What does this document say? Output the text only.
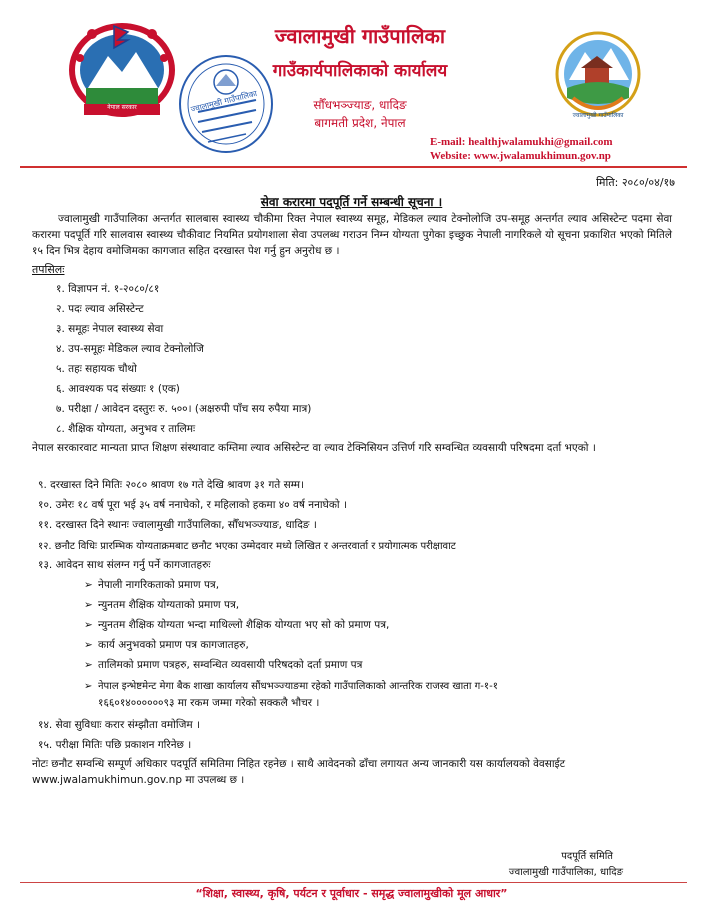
नेपाल सरकार	ज्वालामुखी गाउँपालिका
ज्वालामुखी गाउँपालिका
ज्वालामुखी गाउँपालिका
गाउँकार्यपालिकाको कार्यालय
सौँधभञ्ज्याङ, धादिङ
बागमती प्रदेश, नेपाल
E-mail: healthjwalamukhi@gmail.com
Website: www.jwalamukhimun.gov.np
मिति: २०८०/०४/१७
सेवा करारमा पदपूर्ति गर्ने सम्बन्धी सूचना ।
ज्वालामुखी गाउँपालिका अन्तर्गत सालबास स्वास्थ्य चौकीमा रिक्त नेपाल स्वास्थ्य समूह, मेडिकल ल्याव टेक्नोलोजि उप-समूह अन्तर्गत ल्याव असिस्टेन्ट पदमा सेवा करारमा पदपूर्ति गरि सालवास स्वास्थ्य चौकीवाट नियमित प्रयोगशाला सेवा उपलब्ध गराउन निम्न योग्यता पुगेका इच्छुक नेपाली नागरिकले यो सूचना प्रकाशित भएको मितिले १५ दिन भित्र देहाय वमोजिमका कागजात सहित दरखास्त पेश गर्नु हुन अनुरोध छ ।
तपसिलः
१. विज्ञापन नं. १-२०८०/८१
२. पदः ल्याव असिस्टेन्ट
३. समूहः नेपाल स्वास्थ्य सेवा
४. उप-समूहः मेडिकल ल्याव टेक्नोलोजि
५. तहः सहायक चौथो
६. आवश्यक पद संख्याः १ (एक)
७. परीक्षा / आवेदन दस्तुरः रु. ५००। (अक्षरुपी पाँच सय रुपैया मात्र)
८. शैक्षिक योग्यता, अनुभव र तालिमः
नेपाल सरकारवाट मान्यता प्राप्त शिक्षण संस्थावाट कम्तिमा ल्याव असिस्टेन्ट वा ल्याव टेक्निसियन उत्तिर्ण गरि सम्वन्धित व्यवसायी परिषदमा दर्ता भएको ।
९. दरखास्त दिने मितिः २०८० श्रावण १७ गते देखि श्रावण ३१ गते सम्म।
१०. उमेरः १८ वर्ष पूरा भई ३५ वर्ष ननाघेको, र महिलाको हकमा ४० वर्ष ननाघेको ।
११. दरखास्त दिने स्थानः ज्वालामुखी गाउँपालिका, सौँधभञ्ज्याङ, धादिङ ।
१२. छनौट विधिः प्रारम्भिक योग्यताक्रमबाट छनौट भएका उम्मेदवार मध्ये लिखित र अन्तरवार्ता र प्रयोगात्मक परीक्षावाट
१३. आवेदन साथ संलग्न गर्नु पर्ने कागजातहरुः
➢ नेपाली नागरिकताको प्रमाण पत्र,
➢ न्युनतम शैक्षिक योग्यताको प्रमाण पत्र,
➢ न्युनतम शैक्षिक योग्यता भन्दा माथिल्लो शैक्षिक योग्यता भए सो को प्रमाण पत्र,
➢ कार्य अनुभवको प्रमाण पत्र कागजातहरु,
➢ तालिमको प्रमाण पत्रहरु, सम्वन्धित व्यवसायी परिषदको दर्ता प्रमाण पत्र
➢ नेपाल इन्भेष्टमेन्ट मेगा बैक शाखा कार्यालय सौंधभञ्ज्याङमा रहेको गाउँपालिकाको आन्तरिक राजस्व खाता ग-१-१
१६६०१४००००००९३ मा रकम जम्मा गरेको सक्कलै भौचर ।
१४. सेवा सुविधाः करार संम्झौता वमोजिम ।
१५. परीक्षा मितिः पछि प्रकाशन गरिनेछ ।
नोटः छनौट सम्वन्धि सम्पूर्ण अधिकार पदपूर्ति समितिमा निहित रहनेछ । साथै आवेदनको ढाँचा लगायत अन्य जानकारी यस कार्यालयको वेवसाईट www.jwalamukhimun.gov.np मा उपलब्ध छ ।
पदपूर्ति समिति
ज्वालामुखी गाउँपालिका, धादिङ
“शिक्षा, स्वास्थ्य, कृषि, पर्यटन र पूर्वाधार - समृद्ध ज्वालामुखीको मूल आधार”
